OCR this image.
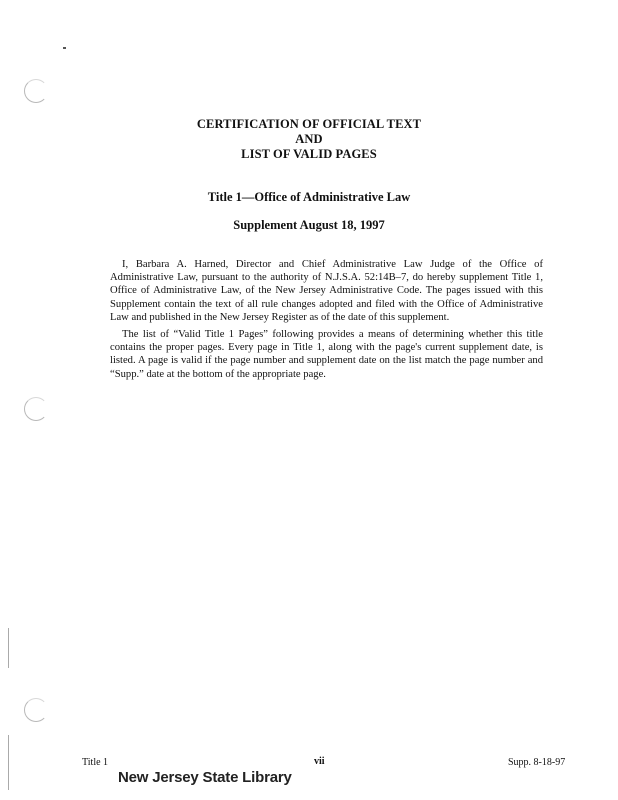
CERTIFICATION OF OFFICIAL TEXT
AND
LIST OF VALID PAGES
Title 1—Office of Administrative Law
Supplement August 18, 1997

I, Barbara A. Harned, Director and Chief Administrative Law Judge of the Office of Administrative Law, pursuant to the authority of N.J.S.A. 52:14B–7, do hereby supplement Title 1, Office of Administrative Law, of the New Jersey Administrative Code. The pages issued with this Supplement contain the text of all rule changes adopted and filed with the Office of Administrative Law and published in the New Jersey Register as of the date of this supplement.

The list of “Valid Title 1 Pages” following provides a means of determining whether this title contains the proper pages. Every page in Title 1, along with the page's current supplement date, is listed. A page is valid if the page number and supplement date on the list match the page number and “Supp.” date at the bottom of the appropriate page.

Title 1	vii	Supp. 8-18-97
New Jersey State Library
